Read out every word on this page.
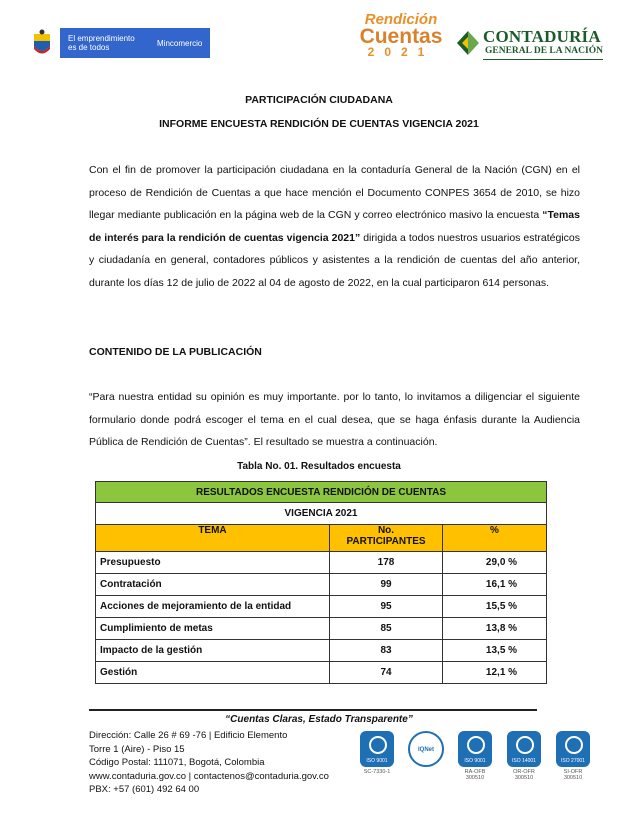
El emprendimiento es de todos	Mincomercio
Rendición
Cuentas
2021
CONTADURÍA
GENERAL DE LA NACIÓN
PARTICIPACIÓN CIUDADANA
INFORME ENCUESTA RENDICIÓN DE CUENTAS VIGENCIA 2021

Con el fin de promover la participación ciudadana en la contaduría General de la Nación (CGN) en el proceso de Rendición de Cuentas a que hace mención el Documento CONPES 3654 de 2010, se hizo llegar mediante publicación en la página web de la CGN y correo electrónico masivo la encuesta “Temas de interés para la rendición de cuentas vigencia 2021” dirigida a todos nuestros usuarios estratégicos y ciudadanía en general, contadores públicos y asistentes a la rendición de cuentas del año anterior, durante los días 12 de julio de 2022 al 04 de agosto de 2022, en la cual participaron 614 personas.

CONTENIDO DE LA PUBLICACIÓN

“Para nuestra entidad su opinión es muy importante. por lo tanto, lo invitamos a diligenciar el siguiente formulario donde podrá escoger el tema en el cual desea, que se haga énfasis durante la Audiencia Pública de Rendición de Cuentas”. El resultado se muestra a continuación.

Tabla No. 01. Resultados encuesta
RESULTADOS ENCUESTA RENDICIÓN DE CUENTAS		
VIGENCIA 2021		
TEMA	No. PARTICIPANTES	%
Presupuesto	178	29,0 %
Contratación	99	16,1 %
Acciones de mejoramiento de la entidad	95	15,5 %
Cumplimiento de metas	85	13,8 %
Impacto de la gestión	83	13,5 %
Gestión	74	12,1 %
“Cuentas Claras, Estado Transparente”
Dirección: Calle 26 # 69 -76 | Edificio Elemento
Torre 1 (Aire) - Piso 15
Código Postal: 111071, Bogotá, Colombia
www.contaduria.gov.co | contactenos@contaduria.gov.co
PBX: +57 (601) 492 64 00
ISO 9001
SC-7330-1
IQNet
ISO 9001
RA-OFB 300510
ISO 14001
OR-OFR 300510
ISO 27001
SI-OFR 300510
